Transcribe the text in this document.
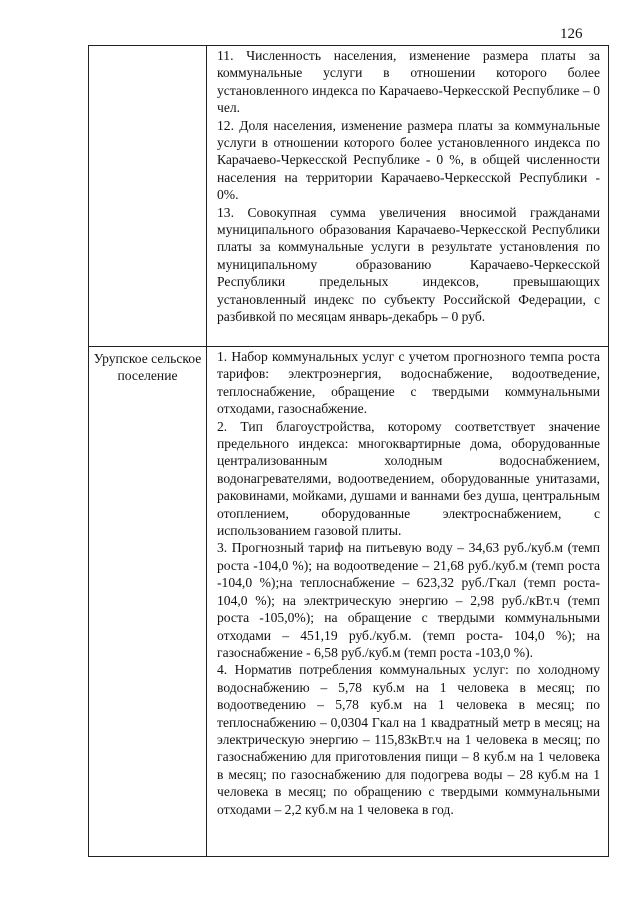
126

	11. Численность населения, изменение размера платы за коммунальные услуги в отношении которого более установленного индекса по Карачаево-Черкесской Республике – 0 чел.

12. Доля населения, изменение размера платы за коммунальные услуги в отношении которого более установленного индекса по Карачаево-Черкесской Республике - 0 %, в общей численности населения на территории Карачаево-Черкесской Республики - 0%.

13. Совокупная сумма увеличения вносимой гражданами муниципального образования Карачаево-Черкесской Республики платы за коммунальные услуги в результате установления по муниципальному образованию Карачаево-Черкесской Республики предельных индексов, превышающих установленный индекс по субъекту Российской Федерации, с разбивкой по месяцам январь-декабрь – 0 руб.

Урупское сельское поселение	1. Набор коммунальных услуг с учетом прогнозного темпа роста тарифов: электроэнергия, водоснабжение, водоотведение, теплоснабжение, обращение с твердыми коммунальными отходами, газоснабжение.

2. Тип благоустройства, которому соответствует значение предельного индекса: многоквартирные дома, оборудованные централизованным холодным водоснабжением, водонагревателями, водоотведением, оборудованные унитазами, раковинами, мойками, душами и ваннами без душа, центральным отоплением, оборудованные электроснабжением, с использованием газовой плиты.

3. Прогнозный тариф на питьевую воду – 34,63 руб./куб.м (темп роста -104,0 %); на водоотведение – 21,68 руб./куб.м (темп роста -104,0 %);на теплоснабжение – 623,32 руб./Гкал (темп роста- 104,0 %); на электрическую энергию – 2,98 руб./кВт.ч (темп роста -105,0%); на обращение с твердыми коммунальными отходами – 451,19 руб./куб.м. (темп роста- 104,0 %); на газоснабжение - 6,58 руб./куб.м (темп роста -103,0 %).

4. Норматив потребления коммунальных услуг: по холодному водоснабжению – 5,78 куб.м на 1 человека в месяц; по водоотведению – 5,78 куб.м на 1 человека в месяц; по теплоснабжению – 0,0304 Гкал на 1 квадратный метр в месяц; на электрическую энергию – 115,83кВт.ч на 1 человека в месяц; по газоснабжению для приготовления пищи – 8 куб.м на 1 человека в месяц; по газоснабжению для подогрева воды – 28 куб.м на 1 человека в месяц; по обращению с твердыми коммунальными отходами – 2,2 куб.м на 1 человека в год.
